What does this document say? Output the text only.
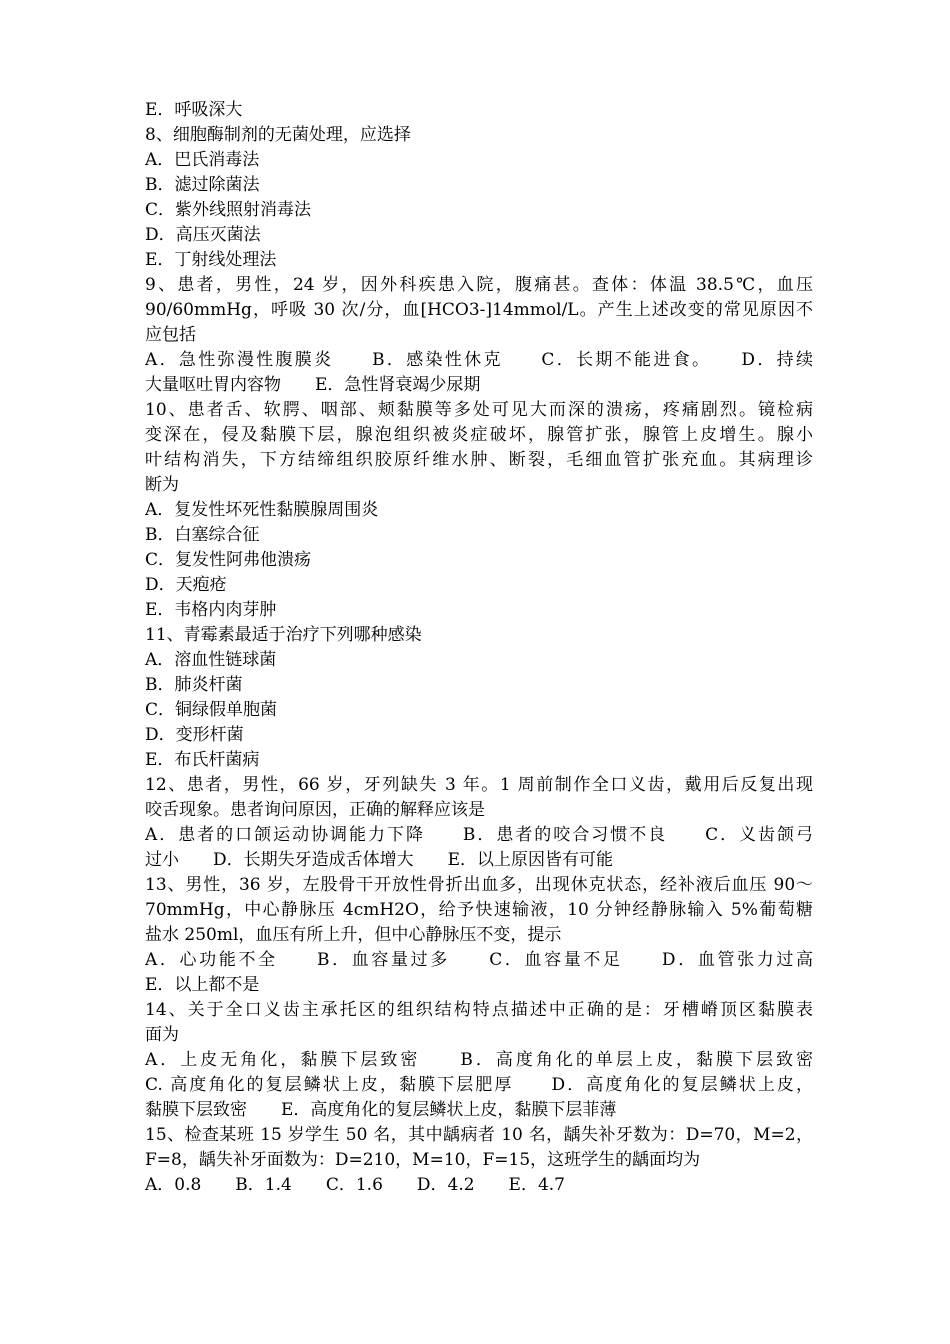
E．呼吸深大
8、细胞酶制剂的无菌处理，应选择
A．巴氏消毒法
B．滤过除菌法
C．紫外线照射消毒法
D．高压灭菌法
E．丁射线处理法
9、患者，男性，24 岁，因外科疾患入院，腹痛甚。查体：体温 38.5℃，血压
90/60mmHg，呼吸 30 次/分，血[HCO3-]14mmol/L。产生上述改变的常见原因不
应包括
A．急性弥漫性腹膜炎　　B．感染性休克　　C．长期不能进食。　　D．持续
大量呕吐胃内容物　　E．急性肾衰竭少尿期
10、患者舌、软腭、咽部、颊黏膜等多处可见大而深的溃疡，疼痛剧烈。镜检病
变深在，侵及黏膜下层，腺泡组织被炎症破坏，腺管扩张，腺管上皮增生。腺小
叶结构消失，下方结缔组织胶原纤维水肿、断裂，毛细血管扩张充血。其病理诊
断为
A．复发性坏死性黏膜腺周围炎
B．白塞综合征
C．复发性阿弗他溃疡
D．天疱疮
E．韦格内肉芽肿
11、青霉素最适于治疗下列哪种感染
A．溶血性链球菌
B．肺炎杆菌
C．铜绿假单胞菌
D．变形杆菌
E．布氏杆菌病
12、患者，男性，66 岁，牙列缺失 3 年。1 周前制作全口义齿，戴用后反复出现
咬舌现象。患者询问原因，正确的解释应该是
A．患者的口颌运动协调能力下降　　B．患者的咬合习惯不良　　C．义齿颌弓
过小　　D．长期失牙造成舌体增大　　E．以上原因皆有可能
13、男性，36 岁，左股骨干开放性骨折出血多，出现休克状态，经补液后血压 90～
70mmHg，中心静脉压 4cmH2O，给予快速输液，10 分钟经静脉输入 5%葡萄糖
盐水 250ml，血压有所上升，但中心静脉压不变，提示
A．心功能不全　　B．血容量过多　　C．血容量不足　　D．血管张力过高
E．以上都不是
14、关于全口义齿主承托区的组织结构特点描述中正确的是：牙槽嵴顶区黏膜表
面为
A．上皮无角化，黏膜下层致密　　B．高度角化的单层上皮，黏膜下层致密
C. 高度角化的复层鳞状上皮，黏膜下层肥厚　　D．高度角化的复层鳞状上皮，
黏膜下层致密　　E．高度角化的复层鳞状上皮，黏膜下层菲薄
15、检查某班 15 岁学生 50 名，其中龋病者 10 名，龋失补牙数为：D=70，M=2，
F=8，龋失补牙面数为：D=210，M=10，F=15，这班学生的龋面均为
A．0.8　　B．1.4　　C．1.6　　D．4.2　　E．4.7
